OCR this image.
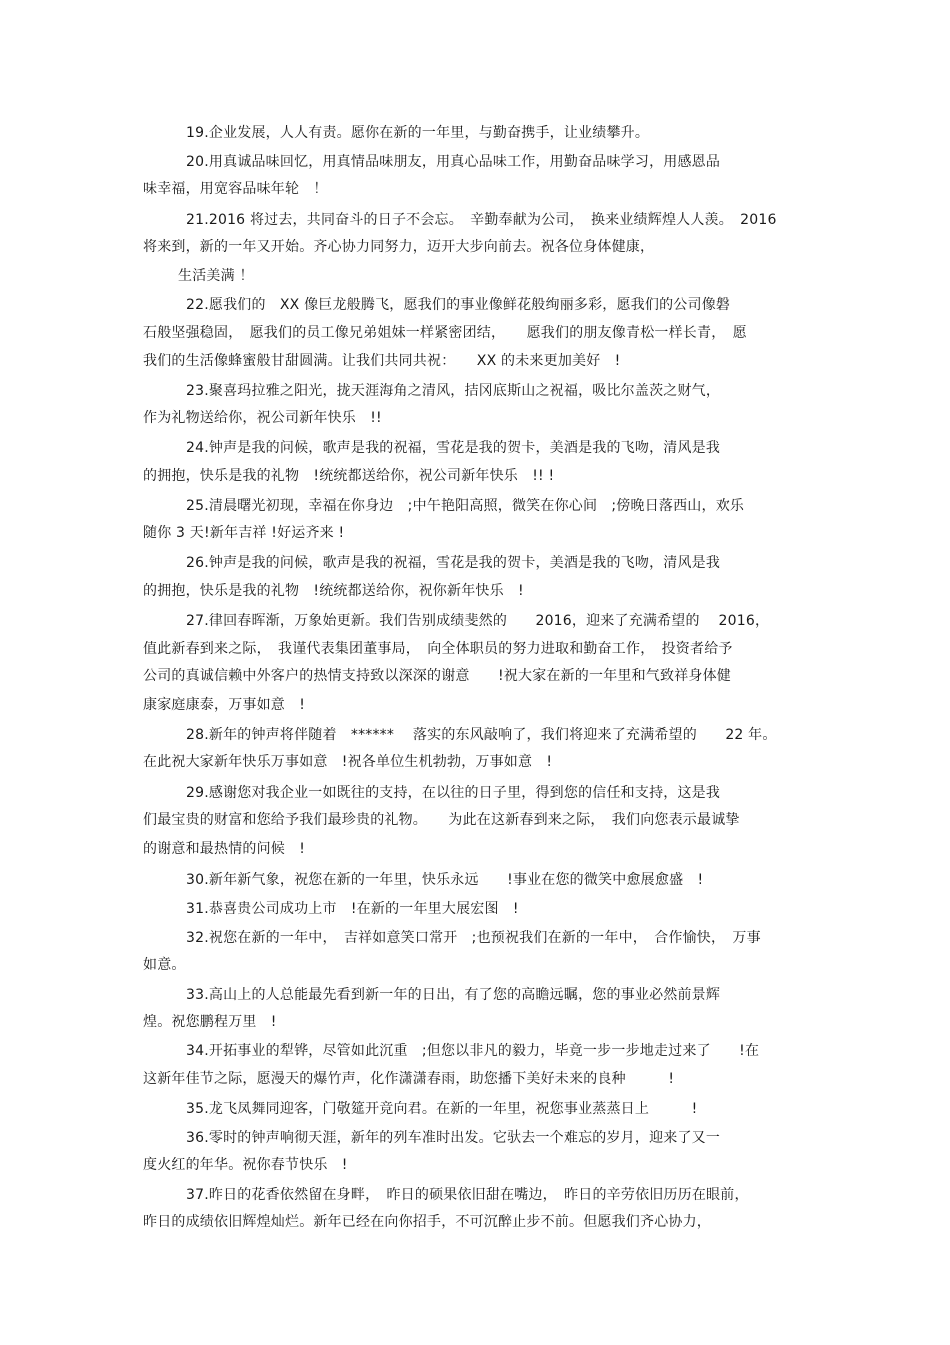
19.企业发展，人人有责。愿你在新的一年里，与勤奋携手，让业绩攀升。
20.用真诚品味回忆，用真情品味朋友，用真心品味工作，用勤奋品味学习，用感恩品
味幸福，用宽容品味年轮　！
21.2016 将过去，共同奋斗的日子不会忘。　辛勤奉献为公司，　换来业绩辉煌人人羡。　2016
将来到，新的一年又开始。齐心协力同努力，迈开大步向前去。祝各位身体健康，
生活美满 ！
22.愿我们的　XX 像巨龙般腾飞，愿我们的事业像鲜花般绚丽多彩，愿我们的公司像磐
石般坚强稳固，　愿我们的员工像兄弟姐妹一样紧密团结，　　愿我们的朋友像青松一样长青，　愿
我们的生活像蜂蜜般甘甜圆满。让我们共同共祝：　　XX 的未来更加美好　!
23.聚喜玛拉雅之阳光，拢天涯海角之清风，拮冈底斯山之祝福，吸比尔盖茨之财气，
作为礼物送给你，祝公司新年快乐　!!
24.钟声是我的问候，歌声是我的祝福，雪花是我的贺卡，美酒是我的飞吻，清风是我
的拥抱，快乐是我的礼物　!统统都送给你，祝公司新年快乐　!! !
25.清晨曙光初现，幸福在你身边　;中午艳阳高照，微笑在你心间　;傍晚日落西山，欢乐
随你 3 天!新年吉祥 !好运齐来 !
26.钟声是我的问候，歌声是我的祝福，雪花是我的贺卡，美酒是我的飞吻，清风是我
的拥抱，快乐是我的礼物　!统统都送给你，祝你新年快乐　!
27.律回春晖渐，万象始更新。我们告别成绩斐然的　　2016，迎来了充满希望的　 2016，
值此新春到来之际，　我谨代表集团董事局，　向全体职员的努力进取和勤奋工作，　投资者给予
公司的真诚信赖中外客户的热情支持致以深深的谢意　　!祝大家在新的一年里和气致祥身体健
康家庭康泰，万事如意　!
28.新年的钟声将伴随着　****** 　落实的东风敲响了，我们将迎来了充满希望的　　22 年。
在此祝大家新年快乐万事如意　!祝各单位生机勃勃，万事如意　!
29.感谢您对我企业一如既往的支持，在以往的日子里，得到您的信任和支持，这是我
们最宝贵的财富和您给予我们最珍贵的礼物。　　为此在这新春到来之际，　我们向您表示最诚挚
的谢意和最热情的问候　!
30.新年新气象，祝您在新的一年里，快乐永远　　!事业在您的微笑中愈展愈盛　!
31.恭喜贵公司成功上市　!在新的一年里大展宏图　!
32.祝您在新的一年中，　吉祥如意笑口常开　;也预祝我们在新的一年中，　合作愉快，　万事
如意。
33.高山上的人总能最先看到新一年的日出，有了您的高瞻远瞩，您的事业必然前景辉
煌。祝您鹏程万里　!
34.开拓事业的犁铧，尽管如此沉重　;但您以非凡的毅力，毕竟一步一步地走过来了　　!在
这新年佳节之际，愿漫天的爆竹声，化作潇潇春雨，助您播下美好未来的良种　　　!
35.龙飞凤舞同迎客，门敬筵开竞向君。在新的一年里，祝您事业蒸蒸日上　　　!
36.零时的钟声响彻天涯，新年的列车准时出发。它驮去一个难忘的岁月，迎来了又一
度火红的年华。祝你春节快乐　!
37.昨日的花香依然留在身畔，　昨日的硕果依旧甜在嘴边，　昨日的辛劳依旧历历在眼前，
昨日的成绩依旧辉煌灿烂。新年已经在向你招手，不可沉醉止步不前。但愿我们齐心协力，
